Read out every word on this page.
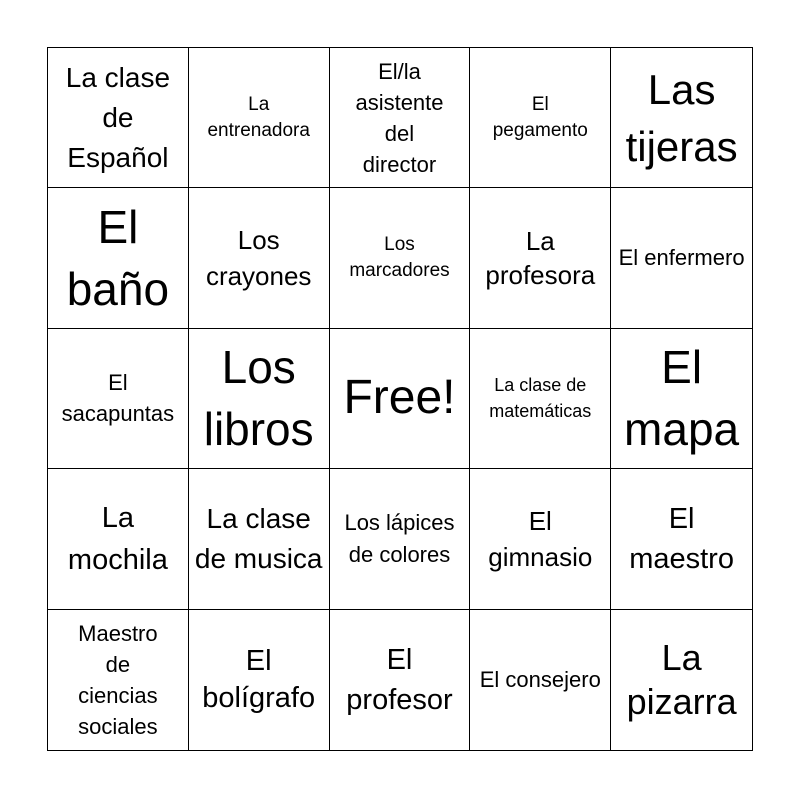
La clase de Español
La entrenadora
El/la asistente del director
El pegamento
Las tijeras
El baño
Los crayones
Los marcadores
La profesora
El enfermero
El sacapuntas
Los libros
Free!	La clase de matemáticas
El mapa
La mochila
La clase de musica
Los lápices de colores
El gimnasio
El maestro
Maestro de ciencias sociales
El bolígrafo
El profesor
El consejero
La pizarra
